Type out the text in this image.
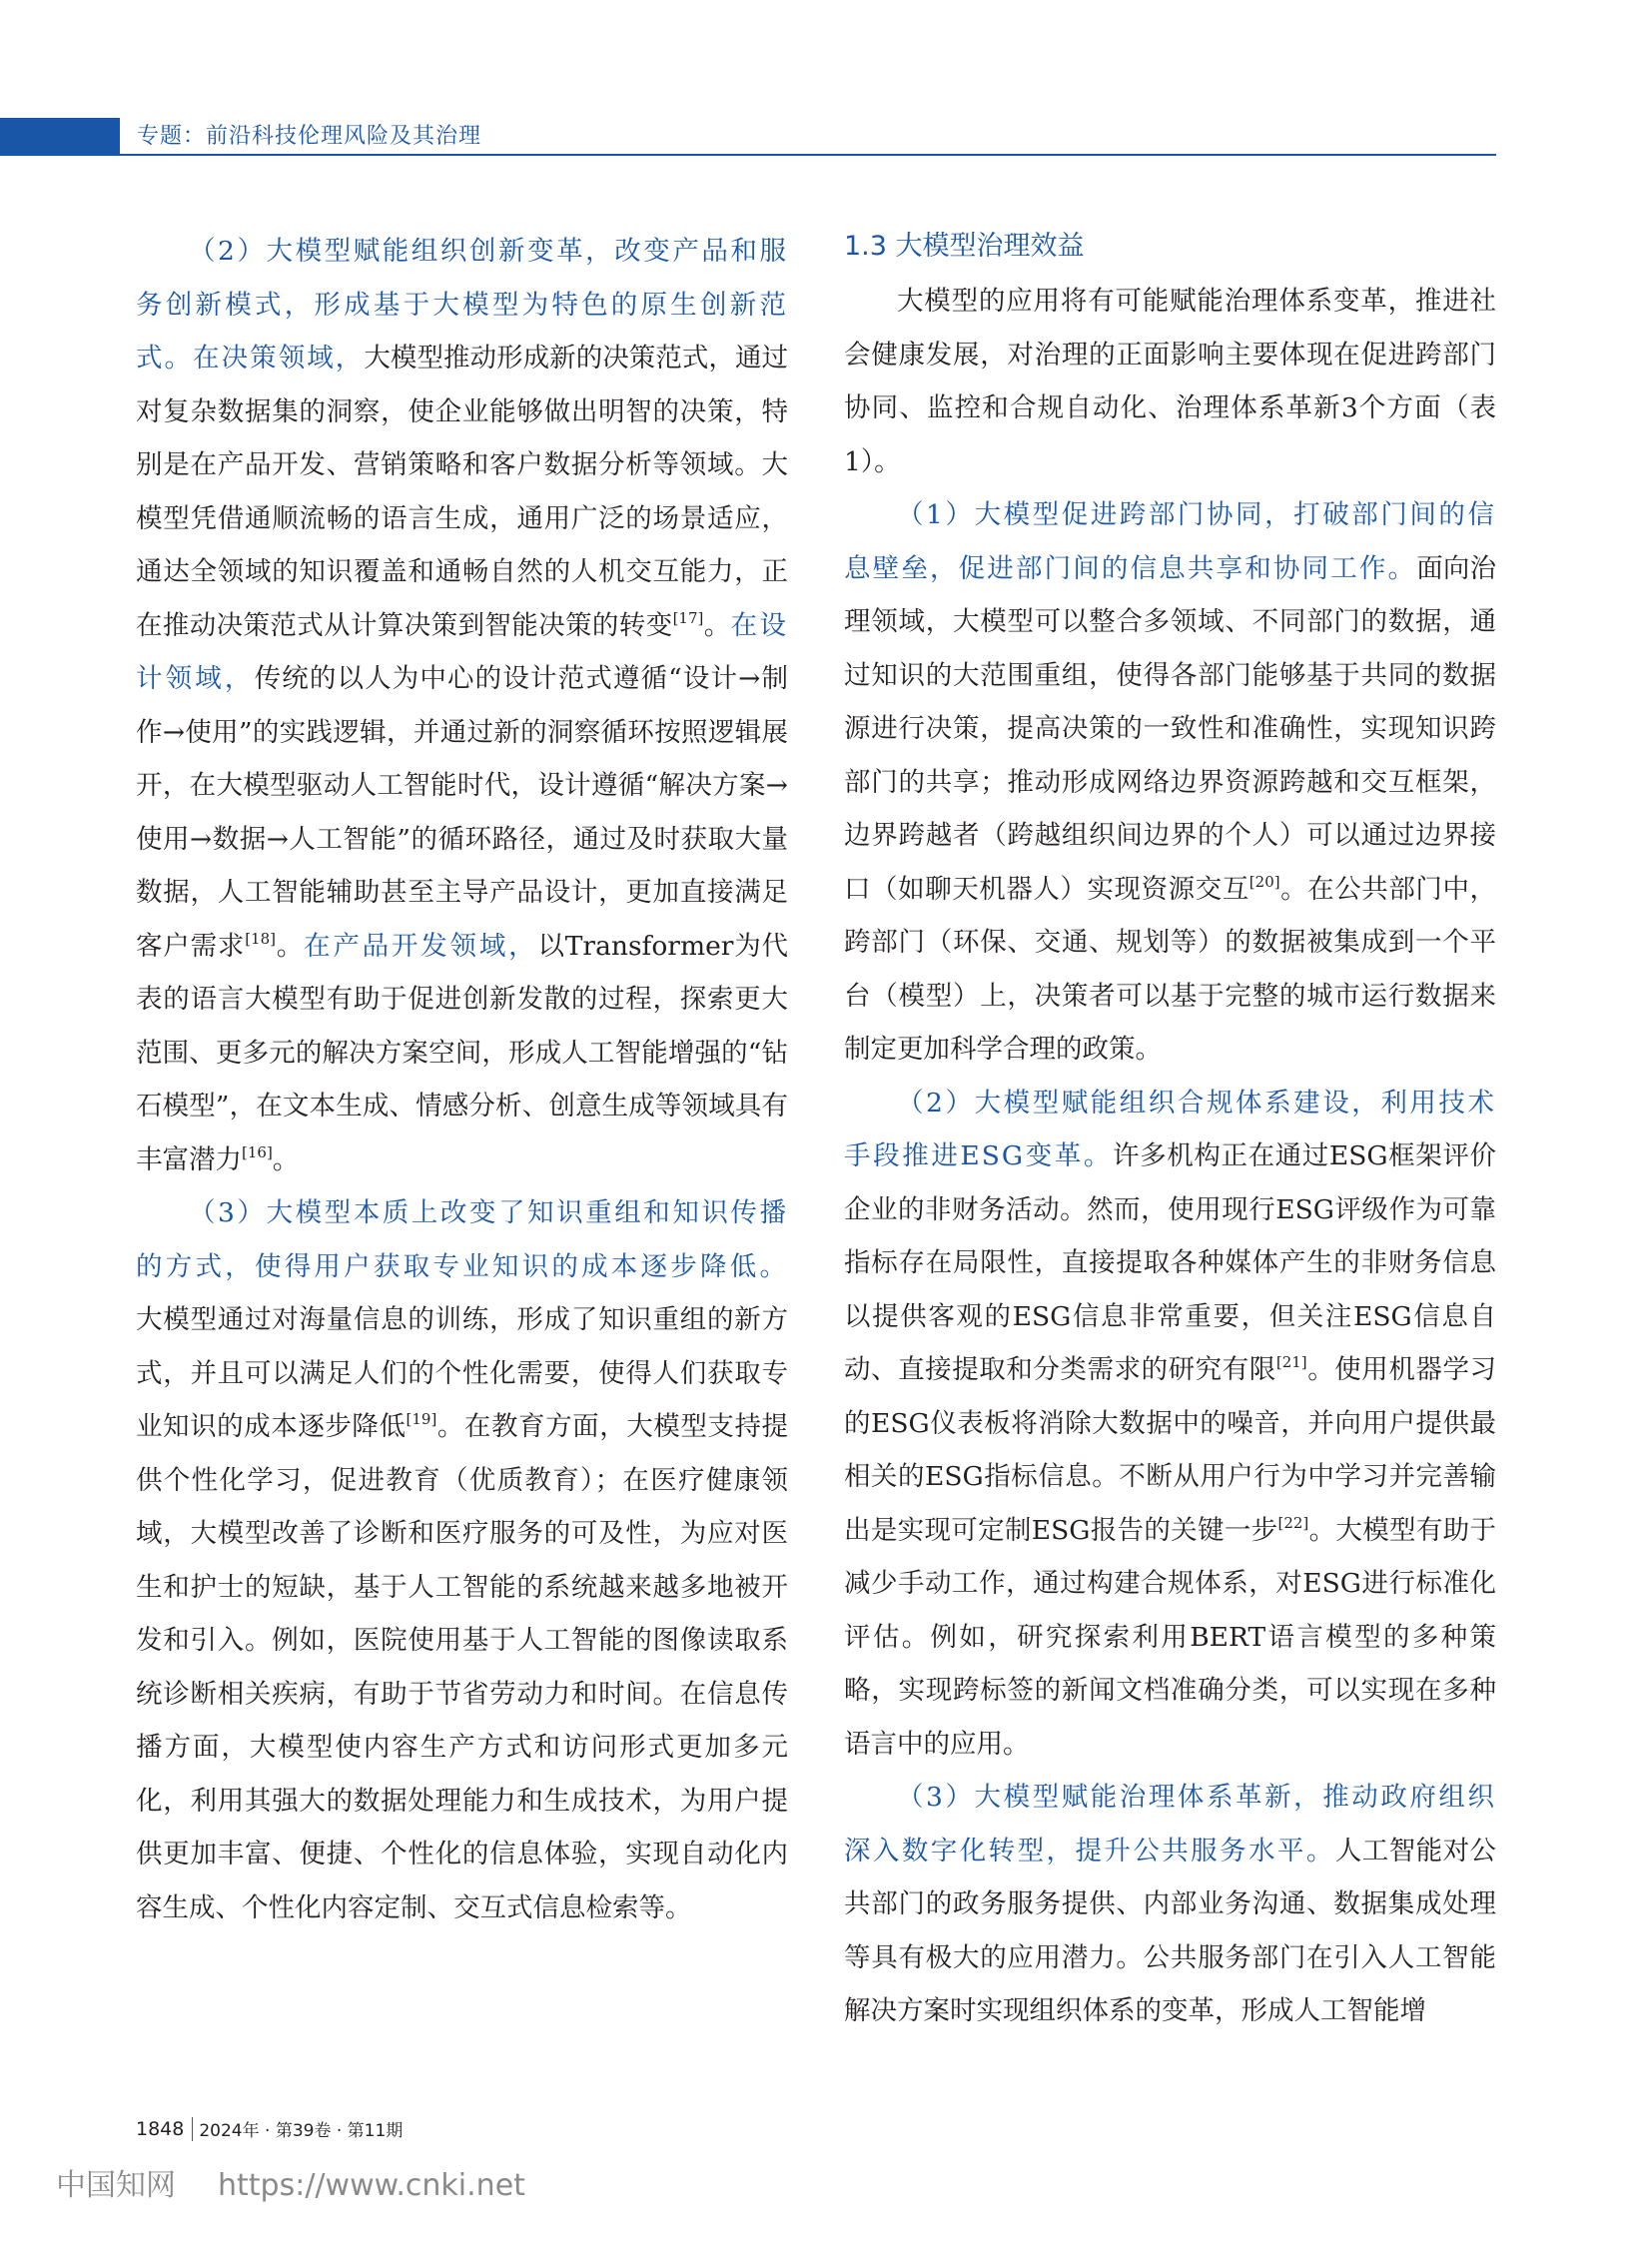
专题：前沿科技伦理风险及其治理

（2）大模型赋能组织创新变革，改变产品和服务创新模式，形成基于大模型为特色的原生创新范式。在决策领域，大模型推动形成新的决策范式，通过对复杂数据集的洞察，使企业能够做出明智的决策，特别是在产品开发、营销策略和客户数据分析等领域。大模型凭借通顺流畅的语言生成，通用广泛的场景适应，通达全领域的知识覆盖和通畅自然的人机交互能力，正在推动决策范式从计算决策到智能决策的转变[17]。在设计领域，传统的以人为中心的设计范式遵循“设计→制作→使用”的实践逻辑，并通过新的洞察循环按照逻辑展开，在大模型驱动人工智能时代，设计遵循“解决方案→使用→数据→人工智能”的循环路径，通过及时获取大量数据，人工智能辅助甚至主导产品设计，更加直接满足客户需求[18]。在产品开发领域，以Transformer为代表的语言大模型有助于促进创新发散的过程，探索更大范围、更多元的解决方案空间，形成人工智能增强的“钻石模型”，在文本生成、情感分析、创意生成等领域具有丰富潜力[16]。

（3）大模型本质上改变了知识重组和知识传播的方式，使得用户获取专业知识的成本逐步降低。大模型通过对海量信息的训练，形成了知识重组的新方式，并且可以满足人们的个性化需要，使得人们获取专业知识的成本逐步降低[19]。在教育方面，大模型支持提供个性化学习，促进教育（优质教育）；在医疗健康领域，大模型改善了诊断和医疗服务的可及性，为应对医生和护士的短缺，基于人工智能的系统越来越多地被开发和引入。例如，医院使用基于人工智能的图像读取系统诊断相关疾病，有助于节省劳动力和时间。在信息传播方面，大模型使内容生产方式和访问形式更加多元化，利用其强大的数据处理能力和生成技术，为用户提供更加丰富、便捷、个性化的信息体验，实现自动化内容生成、个性化内容定制、交互式信息检索等。

1.3 大模型治理效益

大模型的应用将有可能赋能治理体系变革，推进社会健康发展，对治理的正面影响主要体现在促进跨部门协同、监控和合规自动化、治理体系革新3个方面（表1）。

（1）大模型促进跨部门协同，打破部门间的信息壁垒，促进部门间的信息共享和协同工作。面向治理领域，大模型可以整合多领域、不同部门的数据，通过知识的大范围重组，使得各部门能够基于共同的数据源进行决策，提高决策的一致性和准确性，实现知识跨部门的共享；推动形成网络边界资源跨越和交互框架，边界跨越者（跨越组织间边界的个人）可以通过边界接口（如聊天机器人）实现资源交互[20]。在公共部门中，跨部门（环保、交通、规划等）的数据被集成到一个平台（模型）上，决策者可以基于完整的城市运行数据来制定更加科学合理的政策。

（2）大模型赋能组织合规体系建设，利用技术手段推进ESG变革。许多机构正在通过ESG框架评价企业的非财务活动。然而，使用现行ESG评级作为可靠指标存在局限性，直接提取各种媒体产生的非财务信息以提供客观的ESG信息非常重要，但关注ESG信息自动、直接提取和分类需求的研究有限[21]。使用机器学习的ESG仪表板将消除大数据中的噪音，并向用户提供最相关的ESG指标信息。不断从用户行为中学习并完善输出是实现可定制ESG报告的关键一步[22]。大模型有助于减少手动工作，通过构建合规体系，对ESG进行标准化评估。例如，研究探索利用BERT语言模型的多种策略，实现跨标签的新闻文档准确分类，可以实现在多种语言中的应用。

（3）大模型赋能治理体系革新，推动政府组织深入数字化转型，提升公共服务水平。人工智能对公共部门的政务服务提供、内部业务沟通、数据集成处理等具有极大的应用潜力。公共服务部门在引入人工智能解决方案时实现组织体系的变革，形成人工智能增

1848 2024年 · 第39卷 · 第11期
中国知网 https://www.cnki.net
